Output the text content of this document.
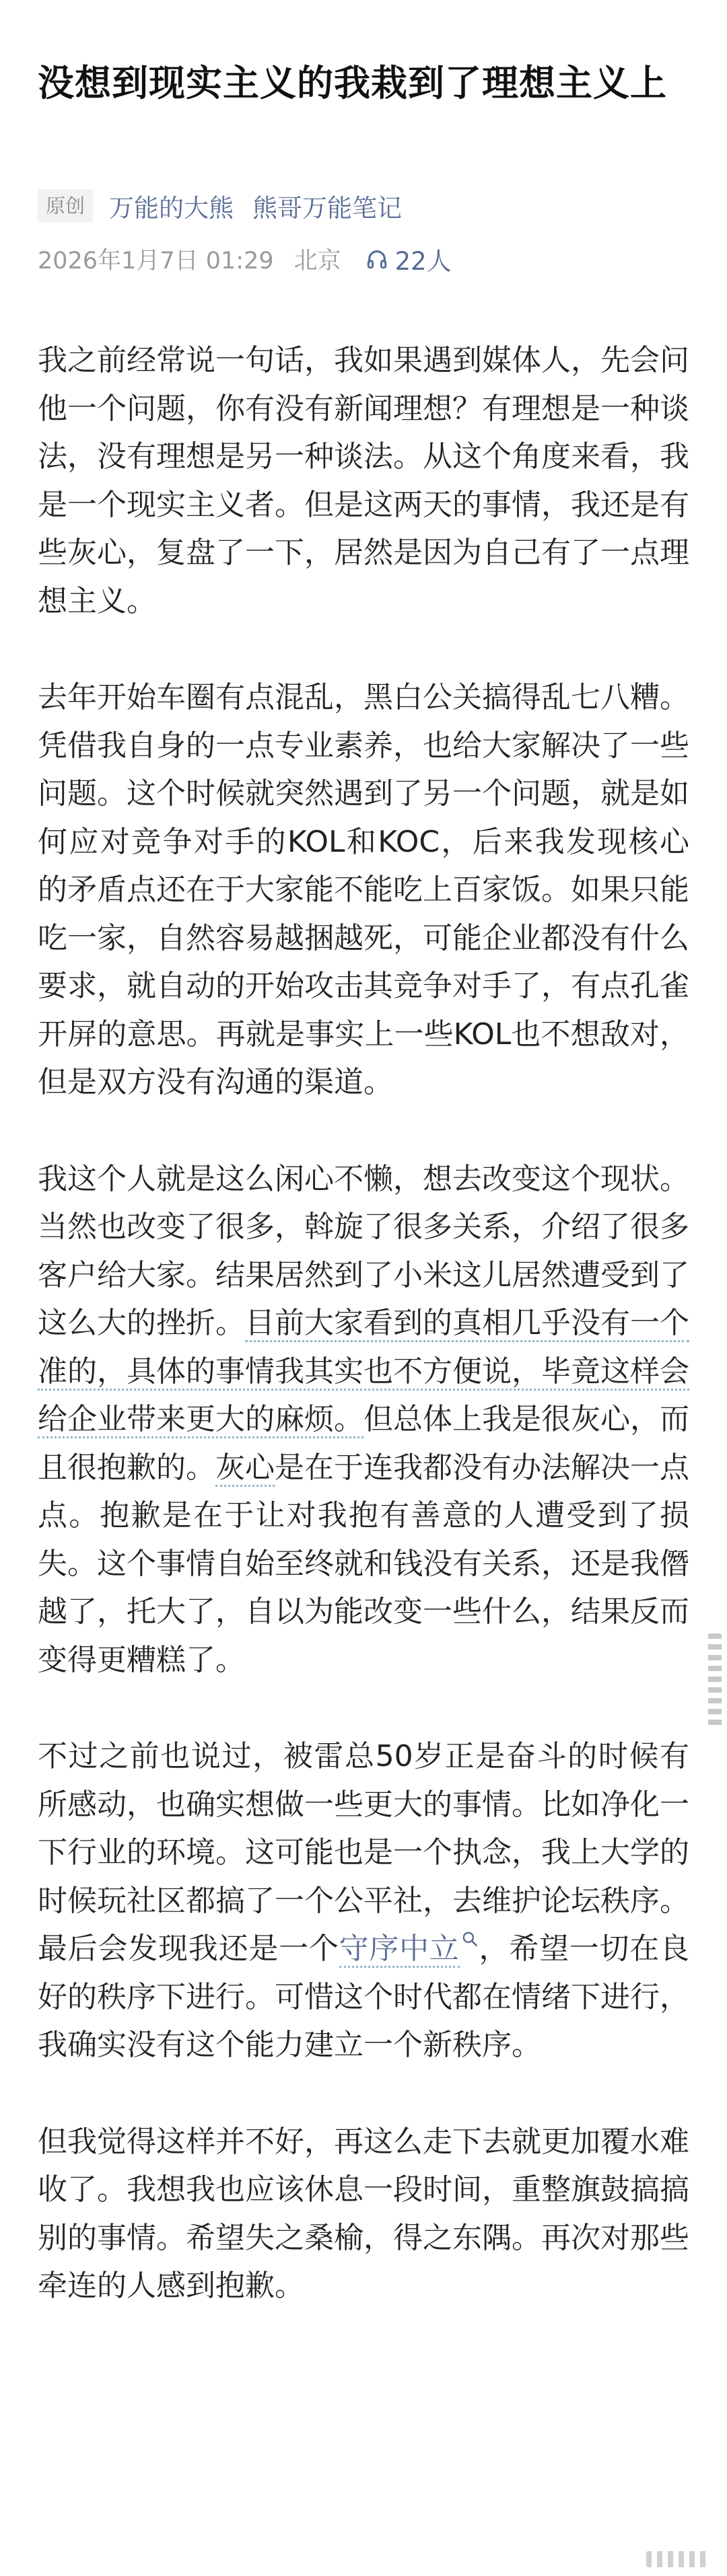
没想到现实主义的我栽到了理想主义上
原创 万能的大熊 熊哥万能笔记
2026年1月7日 01:29 北京 22人

我之前经常说一句话，我如果遇到媒体人，先会问他一个问题，你有没有新闻理想？有理想是一种谈法，没有理想是另一种谈法。从这个角度来看，我是一个现实主义者。但是这两天的事情，我还是有些灰心，复盘了一下，居然是因为自己有了一点理想主义。

去年开始车圈有点混乱，黑白公关搞得乱七八糟。凭借我自身的一点专业素养，也给大家解决了一些问题。这个时候就突然遇到了另一个问题，就是如何应对竞争对手的KOL和KOC，后来我发现核心的矛盾点还在于大家能不能吃上百家饭。如果只能吃一家，自然容易越捆越死，可能企业都没有什么要求，就自动的开始攻击其竞争对手了，有点孔雀开屏的意思。再就是事实上一些KOL也不想敌对，但是双方没有沟通的渠道。

我这个人就是这么闲心不懒，想去改变这个现状。当然也改变了很多，斡旋了很多关系，介绍了很多客户给大家。结果居然到了小米这儿居然遭受到了这么大的挫折。目前大家看到的真相几乎没有一个准的，具体的事情我其实也不方便说，毕竟这样会给企业带来更大的麻烦。但总体上我是很灰心，而且很抱歉的。灰心是在于连我都没有办法解决一点点。抱歉是在于让对我抱有善意的人遭受到了损失。这个事情自始至终就和钱没有关系，还是我僭越了，托大了，自以为能改变一些什么，结果反而变得更糟糕了。

不过之前也说过，被雷总50岁正是奋斗的时候有所感动，也确实想做一些更大的事情。比如净化一下行业的环境。这可能也是一个执念，我上大学的时候玩社区都搞了一个公平社，去维护论坛秩序。最后会发现我还是一个守序中立 ，希望一切在良好的秩序下进行。可惜这个时代都在情绪下进行，我确实没有这个能力建立一个新秩序。

但我觉得这样并不好，再这么走下去就更加覆水难收了。我想我也应该休息一段时间，重整旗鼓搞搞别的事情。希望失之桑榆，得之东隅。再次对那些牵连的人感到抱歉。
